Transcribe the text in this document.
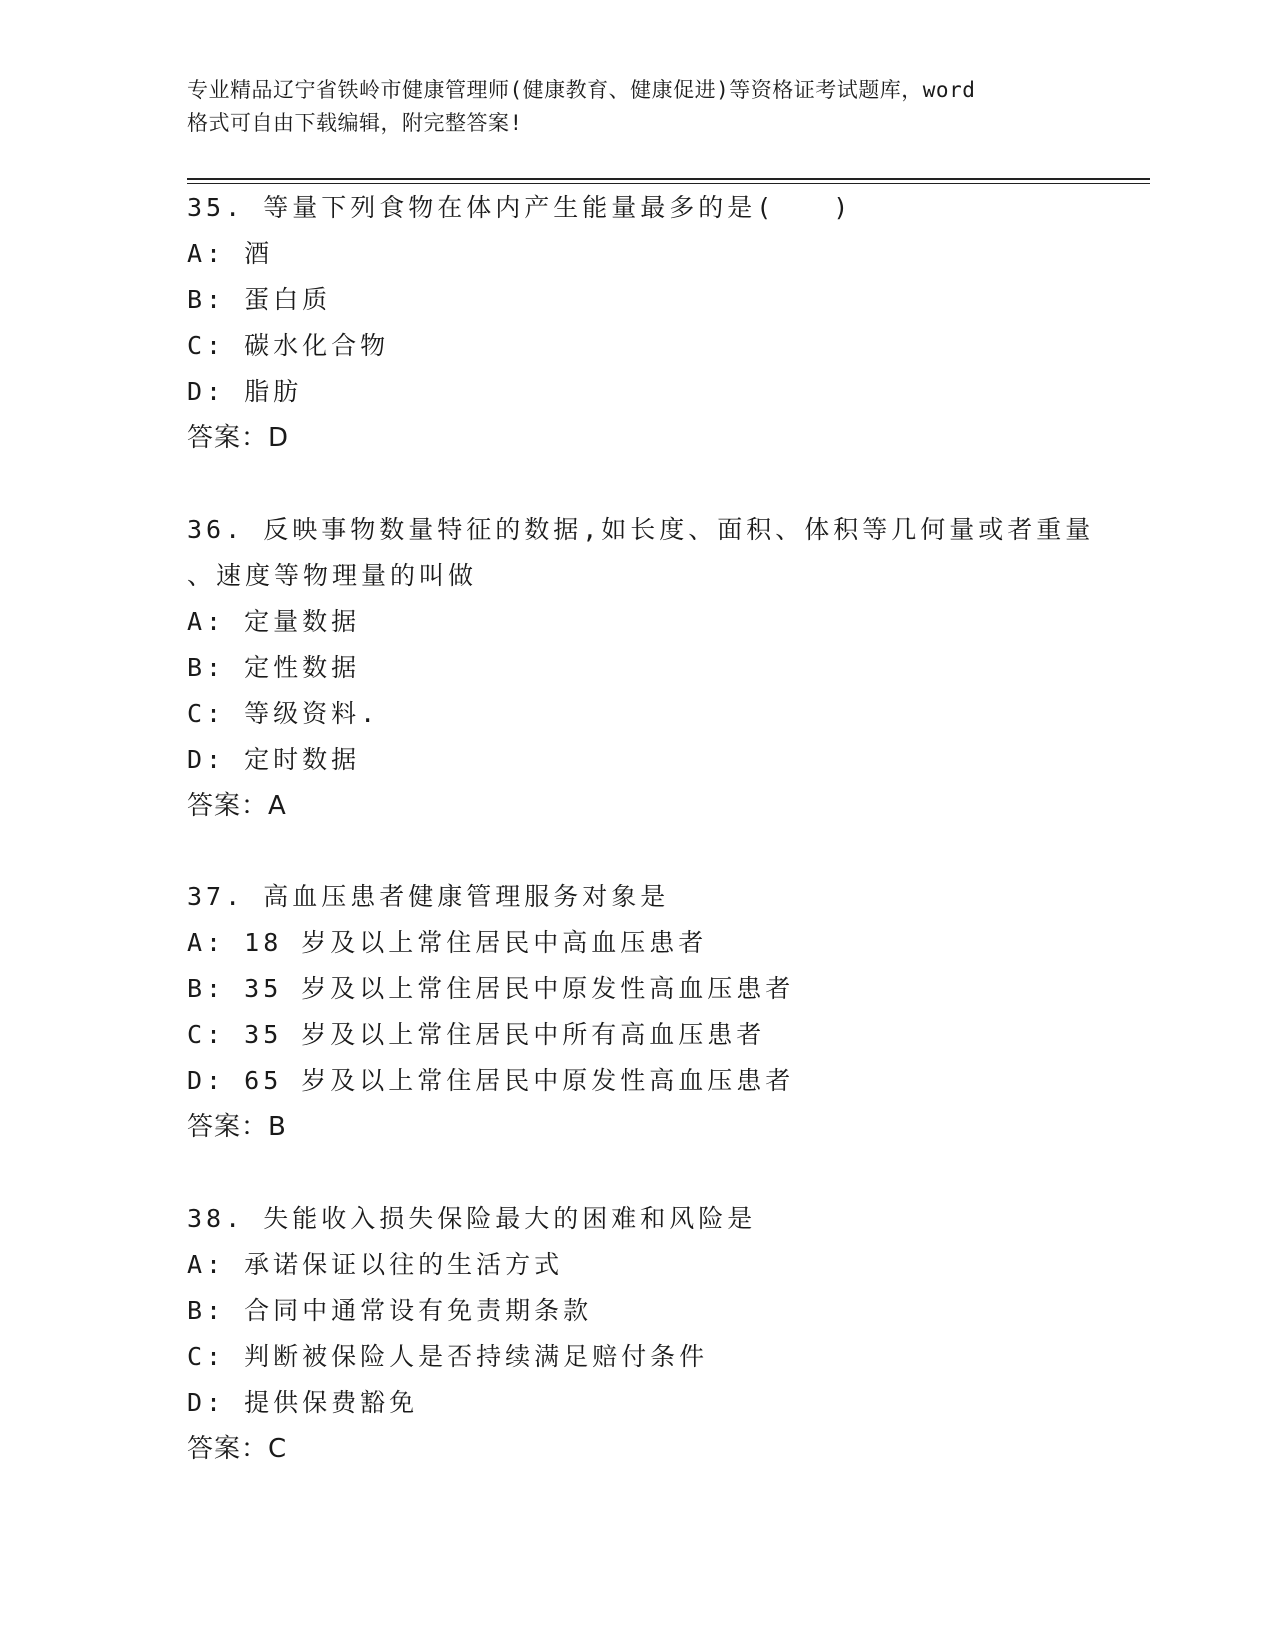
专业精品辽宁省铁岭市健康管理师(健康教育、健康促进)等资格证考试题库，word
格式可自由下载编辑，附完整答案!
35. 等量下列食物在体内产生能量最多的是(　　)
A: 酒
B: 蛋白质
C: 碳水化合物
D: 脂肪
答案：D
36. 反映事物数量特征的数据,如长度、面积、体积等几何量或者重量
、速度等物理量的叫做
A: 定量数据
B: 定性数据
C: 等级资料.
D: 定时数据
答案：A
37. 高血压患者健康管理服务对象是
A: 18 岁及以上常住居民中高血压患者
B: 35 岁及以上常住居民中原发性高血压患者
C: 35 岁及以上常住居民中所有高血压患者
D: 65 岁及以上常住居民中原发性高血压患者
答案：B
38. 失能收入损失保险最大的困难和风险是
A: 承诺保证以往的生活方式
B: 合同中通常设有免责期条款
C: 判断被保险人是否持续满足赔付条件
D: 提供保费豁免
答案：C
